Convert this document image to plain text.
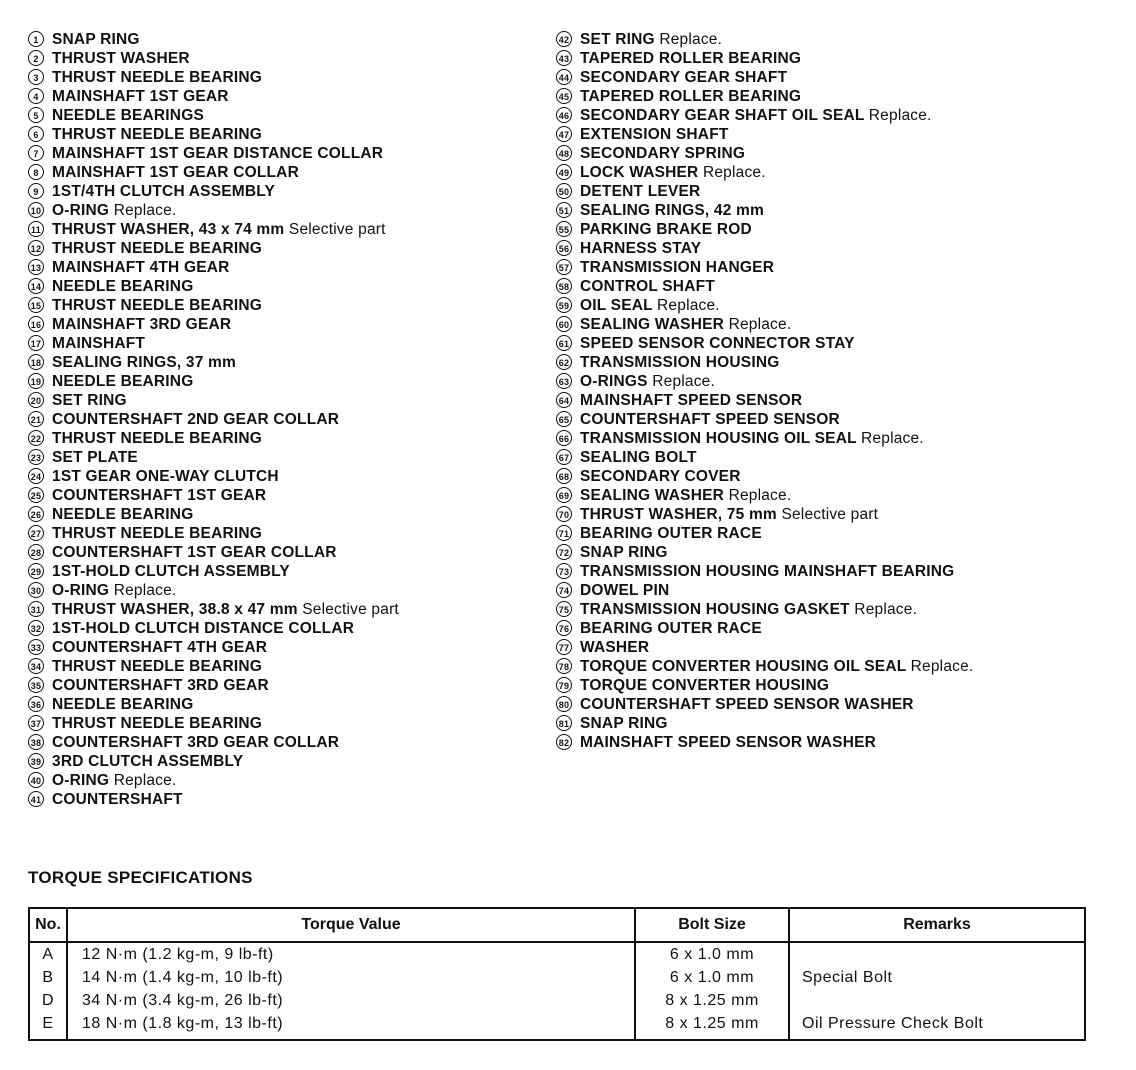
1 SNAP RING
2 THRUST WASHER
3 THRUST NEEDLE BEARING
4 MAINSHAFT 1ST GEAR
5 NEEDLE BEARINGS
6 THRUST NEEDLE BEARING
7 MAINSHAFT 1ST GEAR DISTANCE COLLAR
8 MAINSHAFT 1ST GEAR COLLAR
9 1ST/4TH CLUTCH ASSEMBLY
10 O-RING Replace.
11 THRUST WASHER, 43 x 74 mm Selective part
12 THRUST NEEDLE BEARING
13 MAINSHAFT 4TH GEAR
14 NEEDLE BEARING
15 THRUST NEEDLE BEARING
16 MAINSHAFT 3RD GEAR
17 MAINSHAFT
18 SEALING RINGS, 37 mm
19 NEEDLE BEARING
20 SET RING
21 COUNTERSHAFT 2ND GEAR COLLAR
22 THRUST NEEDLE BEARING
23 SET PLATE
24 1ST GEAR ONE-WAY CLUTCH
25 COUNTERSHAFT 1ST GEAR
26 NEEDLE BEARING
27 THRUST NEEDLE BEARING
28 COUNTERSHAFT 1ST GEAR COLLAR
29 1ST-HOLD CLUTCH ASSEMBLY
30 O-RING Replace.
31 THRUST WASHER, 38.8 x 47 mm Selective part
32 1ST-HOLD CLUTCH DISTANCE COLLAR
33 COUNTERSHAFT 4TH GEAR
34 THRUST NEEDLE BEARING
35 COUNTERSHAFT 3RD GEAR
36 NEEDLE BEARING
37 THRUST NEEDLE BEARING
38 COUNTERSHAFT 3RD GEAR COLLAR
39 3RD CLUTCH ASSEMBLY
40 O-RING Replace.
41 COUNTERSHAFT
42 SET RING Replace.
43 TAPERED ROLLER BEARING
44 SECONDARY GEAR SHAFT
45 TAPERED ROLLER BEARING
46 SECONDARY GEAR SHAFT OIL SEAL Replace.
47 EXTENSION SHAFT
48 SECONDARY SPRING
49 LOCK WASHER Replace.
50 DETENT LEVER
51 SEALING RINGS, 42 mm
55 PARKING BRAKE ROD
56 HARNESS STAY
57 TRANSMISSION HANGER
58 CONTROL SHAFT
59 OIL SEAL Replace.
60 SEALING WASHER Replace.
61 SPEED SENSOR CONNECTOR STAY
62 TRANSMISSION HOUSING
63 O-RINGS Replace.
64 MAINSHAFT SPEED SENSOR
65 COUNTERSHAFT SPEED SENSOR
66 TRANSMISSION HOUSING OIL SEAL Replace.
67 SEALING BOLT
68 SECONDARY COVER
69 SEALING WASHER Replace.
70 THRUST WASHER, 75 mm Selective part
71 BEARING OUTER RACE
72 SNAP RING
73 TRANSMISSION HOUSING MAINSHAFT BEARING
74 DOWEL PIN
75 TRANSMISSION HOUSING GASKET Replace.
76 BEARING OUTER RACE
77 WASHER
78 TORQUE CONVERTER HOUSING OIL SEAL Replace.
79 TORQUE CONVERTER HOUSING
80 COUNTERSHAFT SPEED SENSOR WASHER
81 SNAP RING
82 MAINSHAFT SPEED SENSOR WASHER
TORQUE SPECIFICATIONS
No.	Torque Value	Bolt Size	Remarks
A	12 N·m (1.2 kg-m, 9 lb-ft)	6 x 1.0 mm	
B	14 N·m (1.4 kg-m, 10 lb-ft)	6 x 1.0 mm	Special Bolt
D	34 N·m (3.4 kg-m, 26 lb-ft)	8 x 1.25 mm	
E	18 N·m (1.8 kg-m, 13 lb-ft)	8 x 1.25 mm	Oil Pressure Check Bolt
